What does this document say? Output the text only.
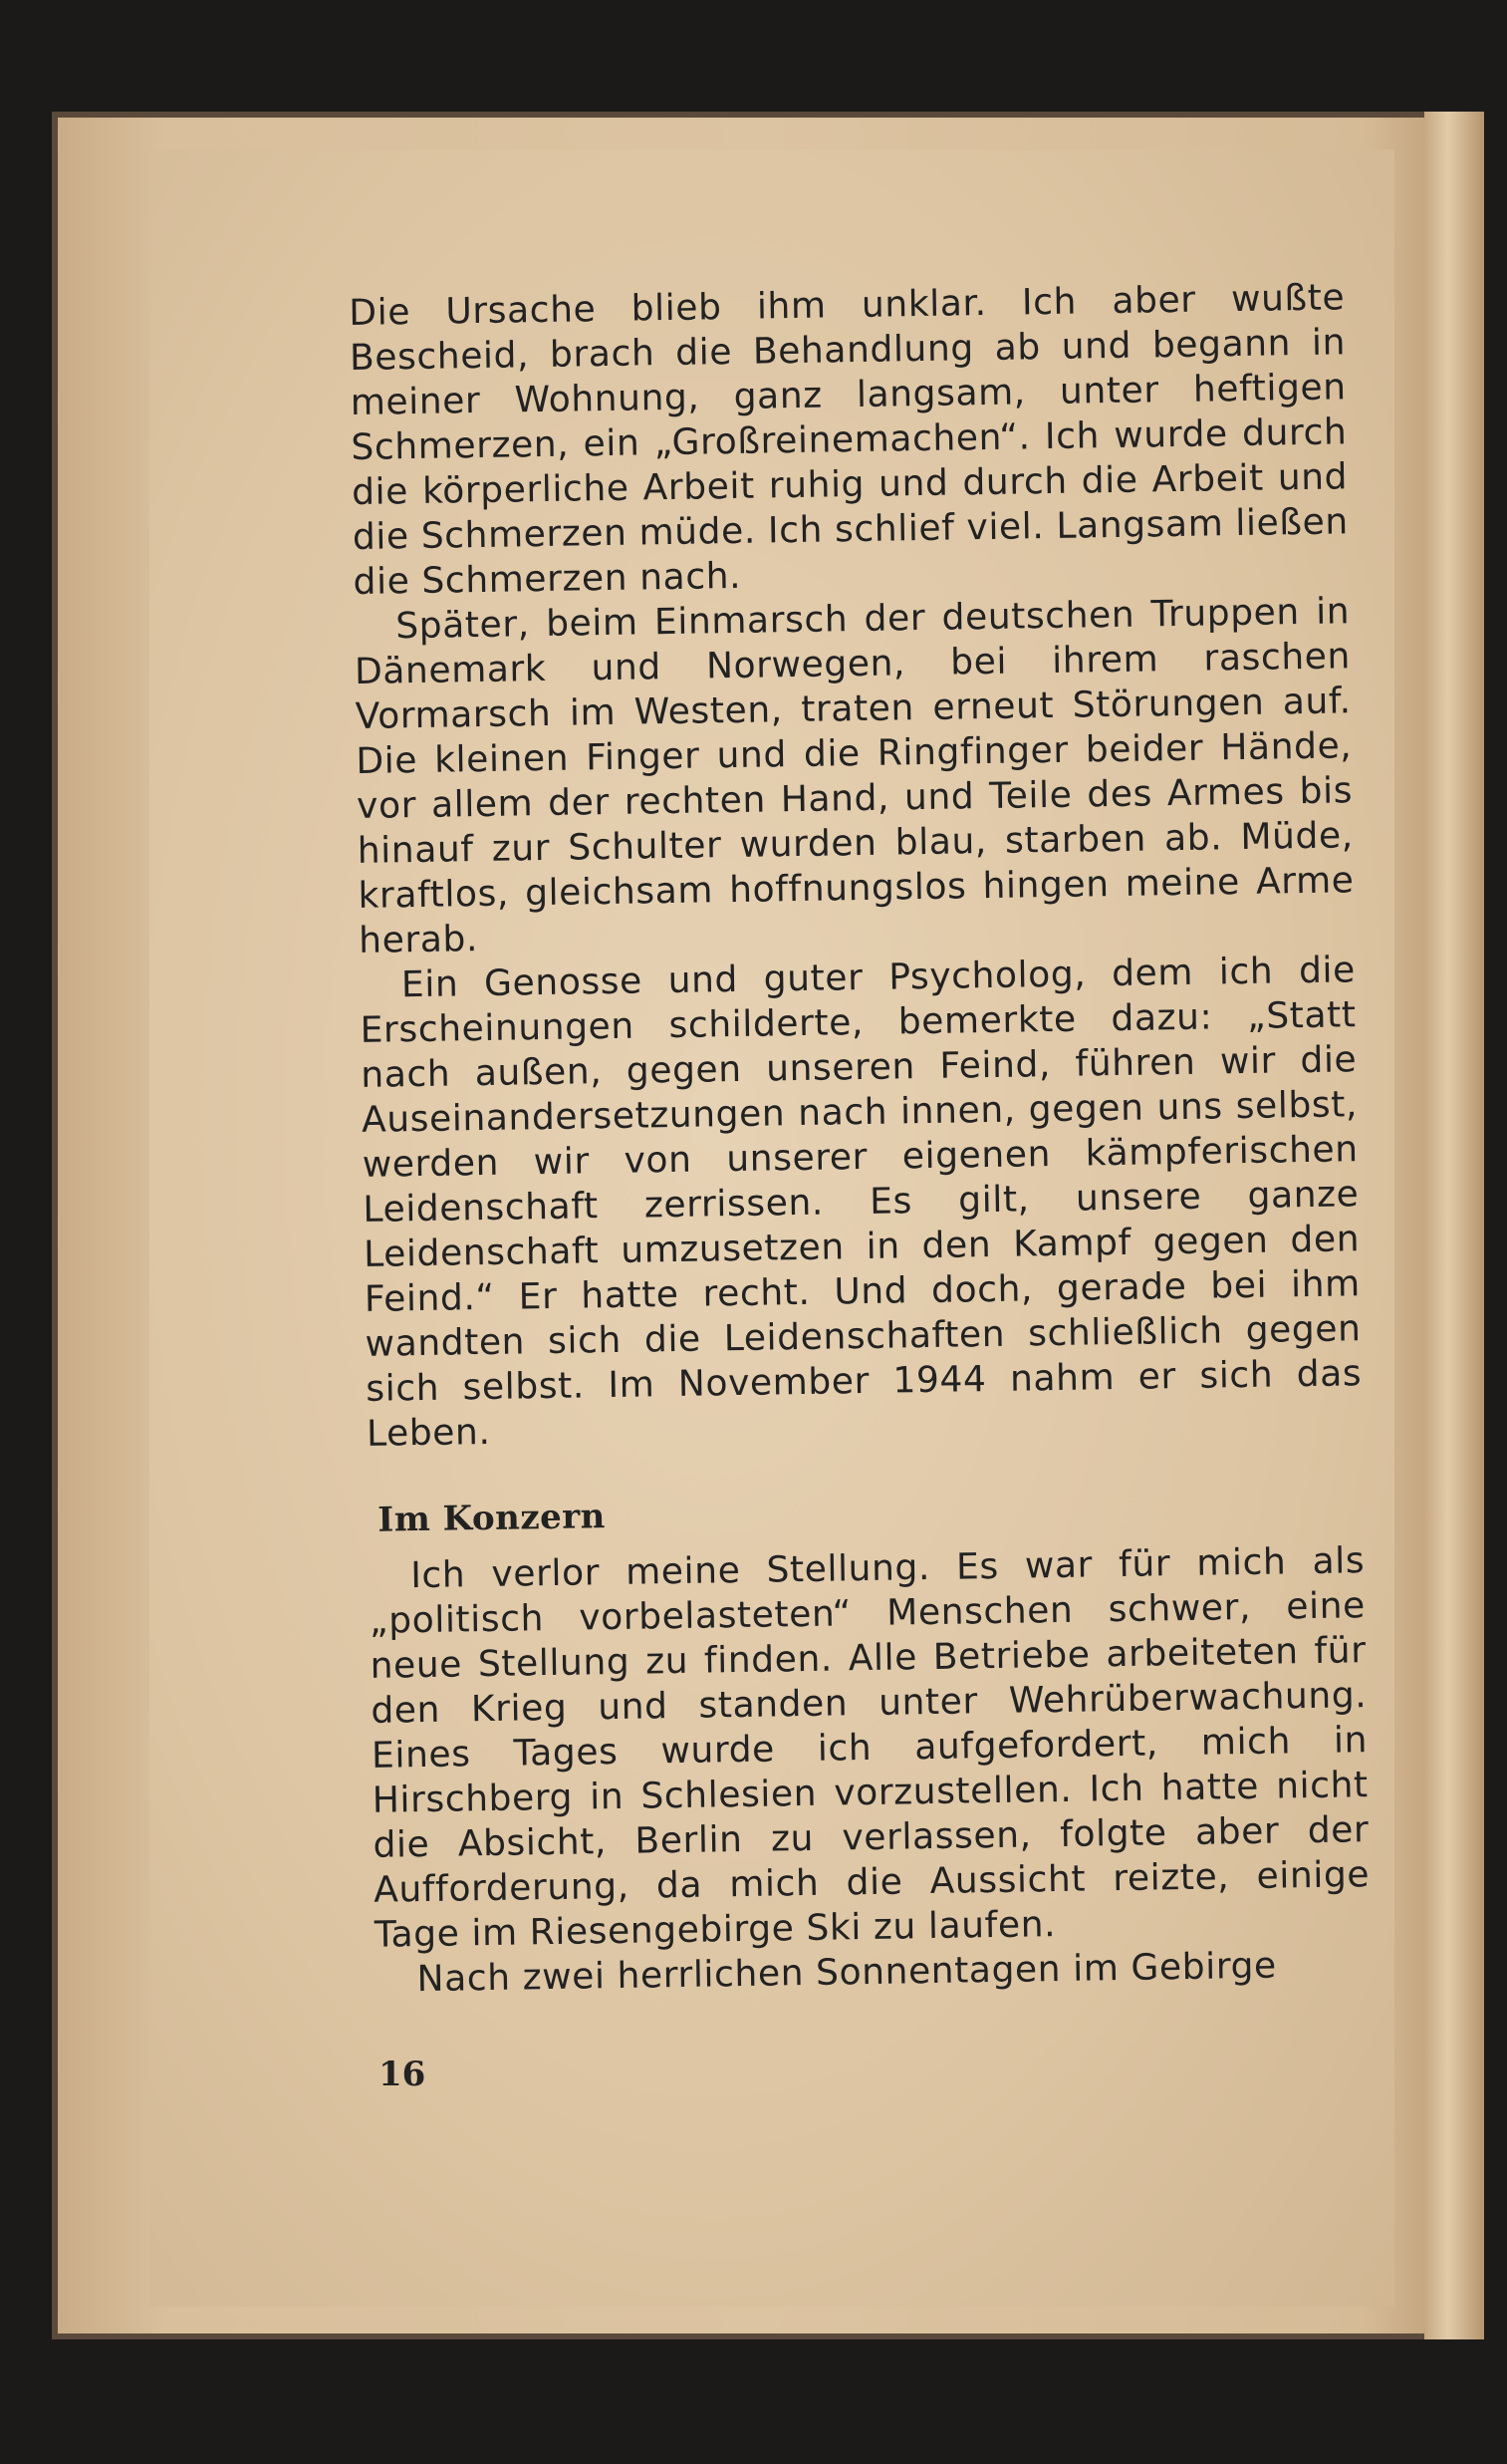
Die Ursache blieb ihm unklar. Ich aber wußte Bescheid, brach die Behandlung ab und begann in meiner Wohnung, ganz langsam, unter heftigen Schmerzen, ein „Großreinemachen“. Ich wurde durch die körperliche Arbeit ruhig und durch die Arbeit und die Schmerzen müde. Ich schlief viel. Langsam ließen die Schmerzen nach.

Später, beim Einmarsch der deutschen Truppen in Dänemark und Norwegen, bei ihrem raschen Vormarsch im Westen, traten erneut Störungen auf. Die kleinen Finger und die Ringfinger beider Hände, vor allem der rechten Hand, und Teile des Armes bis hinauf zur Schulter wurden blau, starben ab. Müde, kraftlos, gleichsam hoffnungslos hingen meine Arme herab.

Ein Genosse und guter Psycholog, dem ich die Erscheinungen schilderte, bemerkte dazu: „Statt nach außen, gegen unseren Feind, führen wir die Auseinandersetzungen nach innen, gegen uns selbst, werden wir von unserer eigenen kämpferischen Leidenschaft zerrissen. Es gilt, unsere ganze Leidenschaft umzusetzen in den Kampf gegen den Feind.“ Er hatte recht. Und doch, gerade bei ihm wandten sich die Leidenschaften schließlich gegen sich selbst. Im November 1944 nahm er sich das Leben.

Im Konzern

Ich verlor meine Stellung. Es war für mich als „politisch vorbelasteten“ Menschen schwer, eine neue Stellung zu finden. Alle Betriebe arbeiteten für den Krieg und standen unter Wehrüberwachung. Eines Tages wurde ich aufgefordert, mich in Hirschberg in Schlesien vorzustellen. Ich hatte nicht die Absicht, Berlin zu verlassen, folgte aber der Aufforderung, da mich die Aussicht reizte, einige Tage im Riesengebirge Ski zu laufen.

Nach zwei herrlichen Sonnentagen im Gebirge

16
